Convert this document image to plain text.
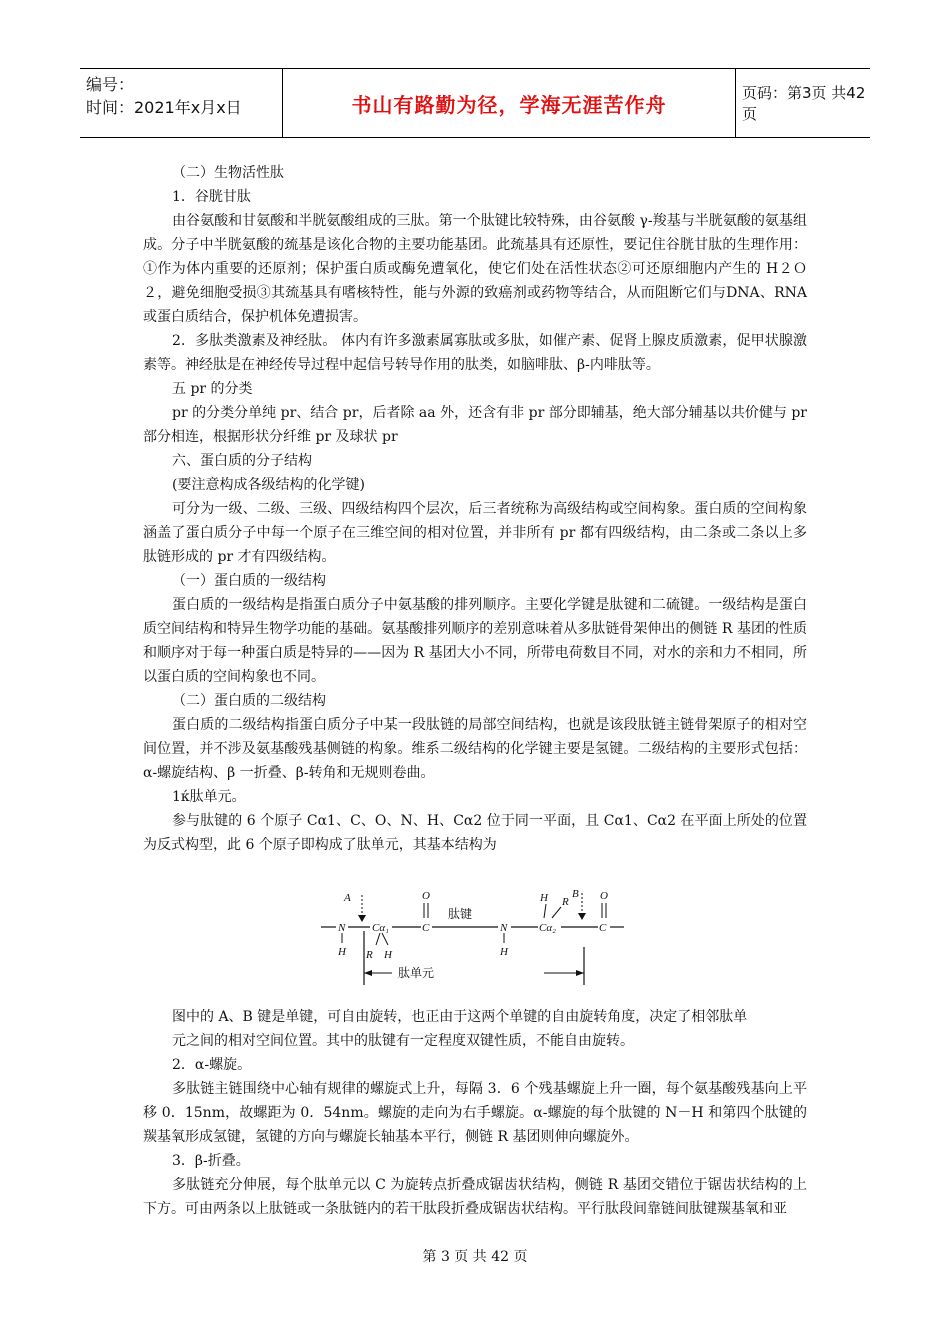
编号：
时间：2021年x月x日	书山有路勤为径，学海无涯苦作舟	页码：第3页 共42页

（二）生物活性肽

1．谷胱甘肽

由谷氨酸和甘氨酸和半胱氨酸组成的三肽。第一个肽键比较特殊，由谷氨酸 γ-羧基与半胱氨酸的氨基组成。分子中半胱氨酸的巯基是该化合物的主要功能基团。此巯基具有还原性，要记住谷胱甘肽的生理作用：①作为体内重要的还原剂；保护蛋白质或酶免遭氧化，使它们处在活性状态②可还原细胞内产生的 H２Ｏ２，避免细胞受损③其巯基具有嗜核特性，能与外源的致癌剂或药物等结合，从而阻断它们与DNA、RNA或蛋白质结合，保护机体免遭损害。

2．多肽类激素及神经肽。 体内有许多激素属寡肽或多肽，如催产素、促肾上腺皮质激素，促甲状腺激素等。神经肽是在神经传导过程中起信号转导作用的肽类，如脑啡肽、β-内啡肽等。

五 pr 的分类

pr 的分类分单纯 pr、结合 pr，后者除 aa 外，还含有非 pr 部分即辅基，绝大部分辅基以共价健与 pr 部分相连，根据形状分纤维 pr 及球状 pr

六、蛋白质的分子结构

(要注意构成各级结构的化学键)

可分为一级、二级、三级、四级结构四个层次，后三者统称为高级结构或空间构象。蛋白质的空间构象涵盖了蛋白质分子中每一个原子在三维空间的相对位置，并非所有 pr 都有四级结构，由二条或二条以上多肽链形成的 pr 才有四级结构。

（一）蛋白质的一级结构

蛋白质的一级结构是指蛋白质分子中氨基酸的排列顺序。主要化学键是肽键和二硫键。一级结构是蛋白质空间结构和特异生物学功能的基础。氨基酸排列顺序的差别意味着从多肽链骨架伸出的侧链 R 基团的性质和顺序对于每一种蛋白质是特异的——因为 R 基团大小不同，所带电荷数目不同，对水的亲和力不相同，所以蛋白质的空间构象也不同。

（二）蛋白质的二级结构

蛋白质的二级结构指蛋白质分子中某一段肽链的局部空间结构，也就是该段肽链主链骨架原子的相对空间位置，并不涉及氨基酸残基侧链的构象。维系二级结构的化学键主要是氢键。二级结构的主要形式包括：α-螺旋结构、β 一折叠、β-转角和无规则卷曲。

1ќ肽单元。

参与肽键的 6 个原子 Cα1、C、O、N、H、Cα2 位于同一平面，且 Cα1、Cα2 在平面上所处的位置为反式构型，此 6 个原子即构成了肽单元，其基本结构为

N Cα₁	C	N	Cα₂	C
H
A
R H
O
肽键
H
H R
B O
肽单元

图中的 A、B 键是单键，可自由旋转，也正由于这两个单键的自由旋转角度，决定了相邻肽单

元之间的相对空间位置。其中的肽键有一定程度双键性质，不能自由旋转。

2．α-螺旋。

多肽链主链围绕中心轴有规律的螺旋式上升，每隔 3．6 个残基螺旋上升一圈，每个氨基酸残基向上平移 0．15nm，故螺距为 0．54nm。螺旋的走向为右手螺旋。α-螺旋的每个肽键的 N－H 和第四个肽键的羰基氧形成氢键，氢键的方向与螺旋长轴基本平行，侧链 R 基团则伸向螺旋外。

3．β-折叠。

多肽链充分伸展，每个肽单元以 C 为旋转点折叠成锯齿状结构，侧链 R 基团交错位于锯齿状结构的上下方。可由两条以上肽链或一条肽链内的若干肽段折叠成锯齿状结构。平行肽段间靠链间肽键羰基氧和亚

第 3 页 共 42 页
